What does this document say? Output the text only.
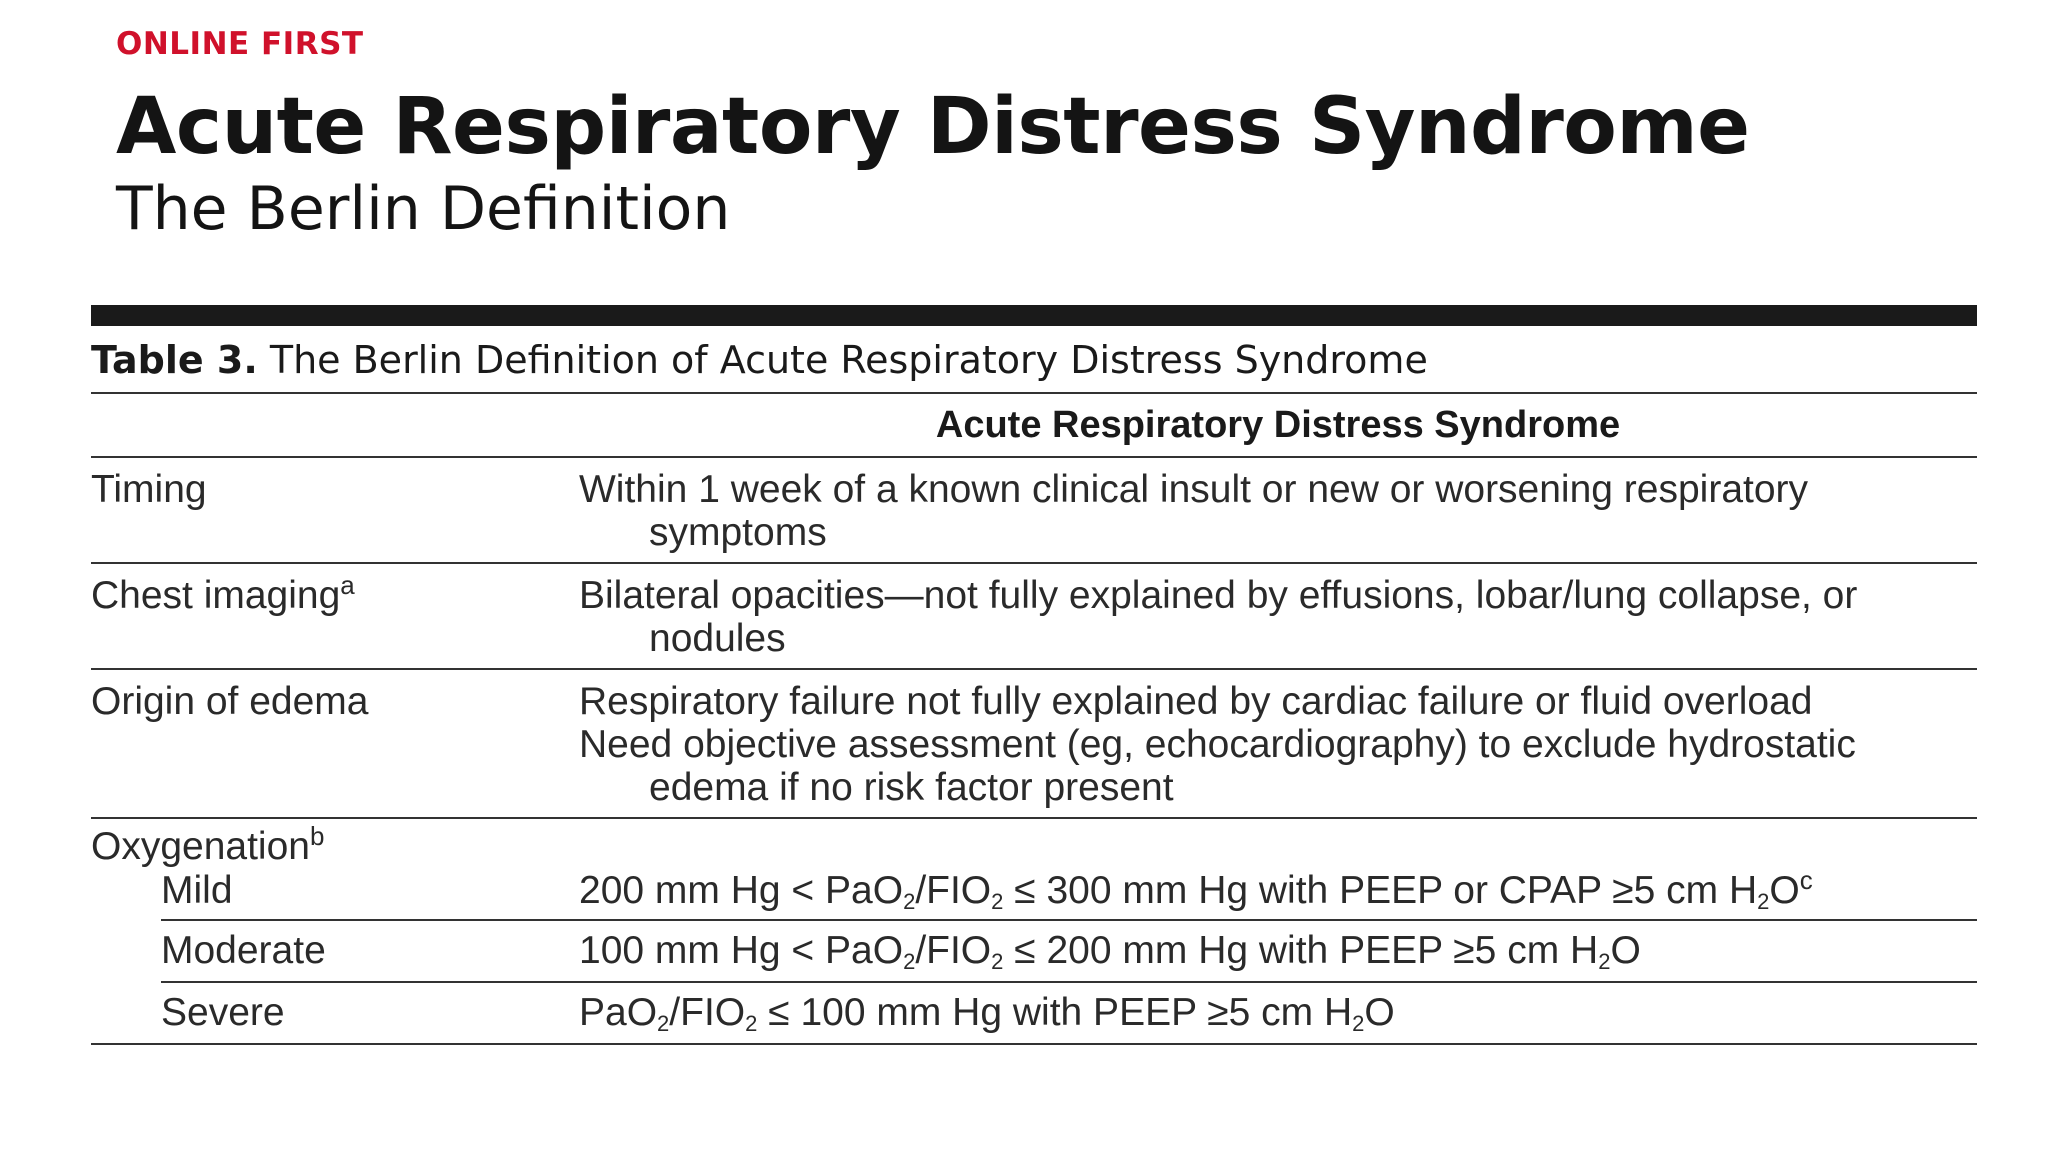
ONLINE FIRST
Acute Respiratory Distress Syndrome
The Berlin Definition
Table 3. The Berlin Definition of Acute Respiratory Distress Syndrome
Acute Respiratory Distress Syndrome
Timing	Within 1 week of a known clinical insult or new or worsening respiratory
symptoms
Chest imaging$^a$	Bilateral opacities—not fully explained by effusions, lobar/lung collapse, or
nodules
Origin of edema	Respiratory failure not fully explained by cardiac failure or fluid overload
Need objective assessment (eg, echocardiography) to exclude hydrostatic
edema if no risk factor present
Oxygenation$^b$
Mild	200 mm $Hg < PaO_2/FIO_2 \le 300$ mm Hg with PEEP or CPAP ≥5 cm $H_2O^c$
Moderate	100 mm $Hg < PaO_2/FIO_2 \le 200$ mm Hg with PEEP ≥5 cm $H_2O$
Severe	$PaO_2/FIO_2 \le 100$ mm Hg with PEEP ≥5 cm $H_2O$
